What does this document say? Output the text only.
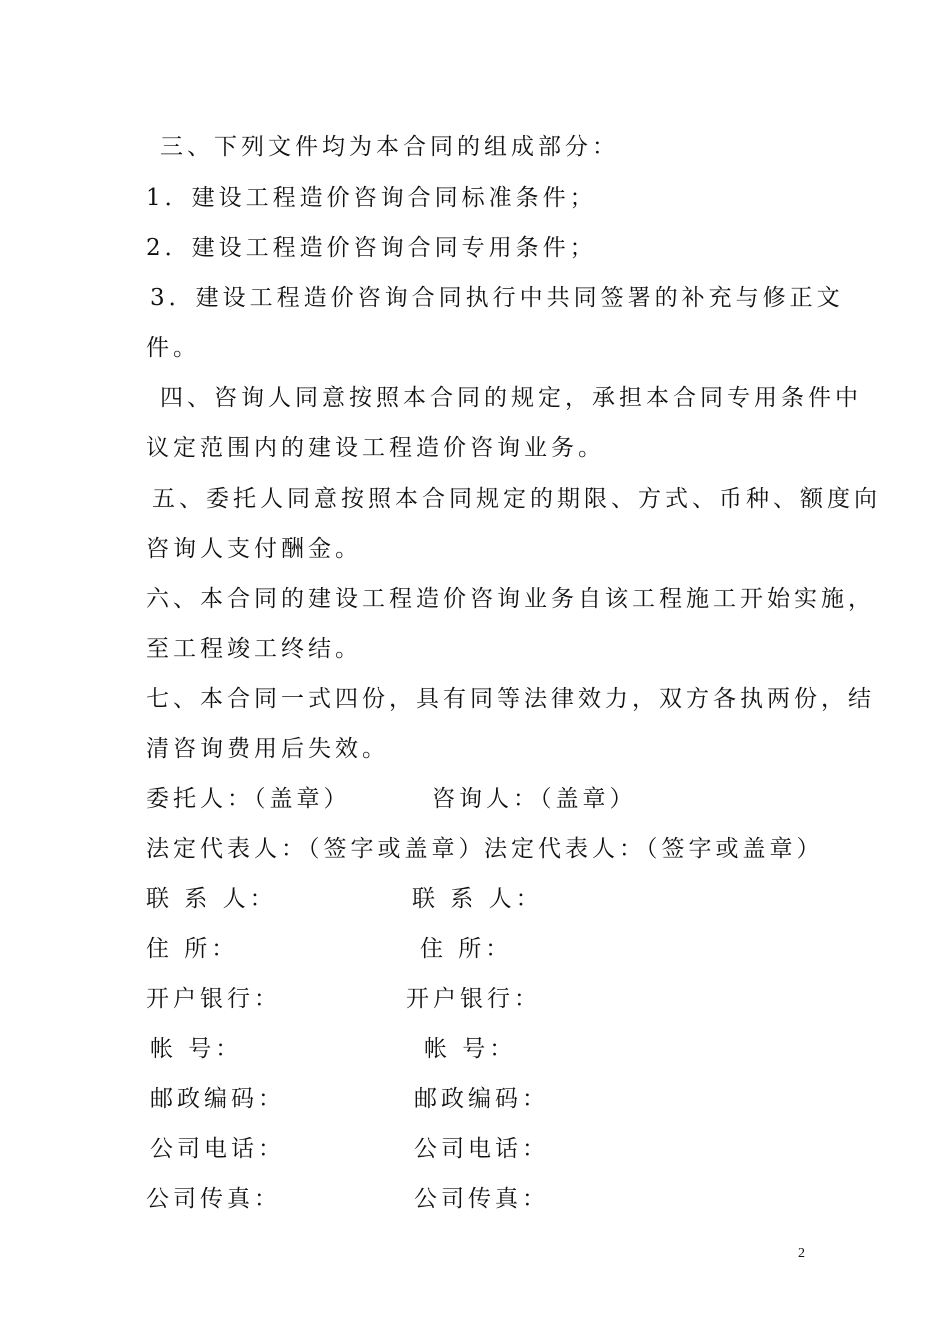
三、下列文件均为本合同的组成部分：
1．建设工程造价咨询合同标准条件；
2．建设工程造价咨询合同专用条件；
3．建设工程造价咨询合同执行中共同签署的补充与修正文
件。
四、咨询人同意按照本合同的规定，承担本合同专用条件中
议定范围内的建设工程造价咨询业务。
五、委托人同意按照本合同规定的期限、方式、币种、额度向
咨询人支付酬金。
六、本合同的建设工程造价咨询业务自该工程施工开始实施，
至工程竣工终结。
七、本合同一式四份，具有同等法律效力，双方各执两份，结
清咨询费用后失效。
委托人：（盖章）
法定代表人：（签字或盖章）
联 系 人：
住 所：
开户银行：
帐 号：
邮政编码：
公司电话：
公司传真：
咨询人：（盖章）
法定代表人：（签字或盖章）
联 系 人：
住 所：
开户银行：
帐 号：
邮政编码：
公司电话：
公司传真：
2
